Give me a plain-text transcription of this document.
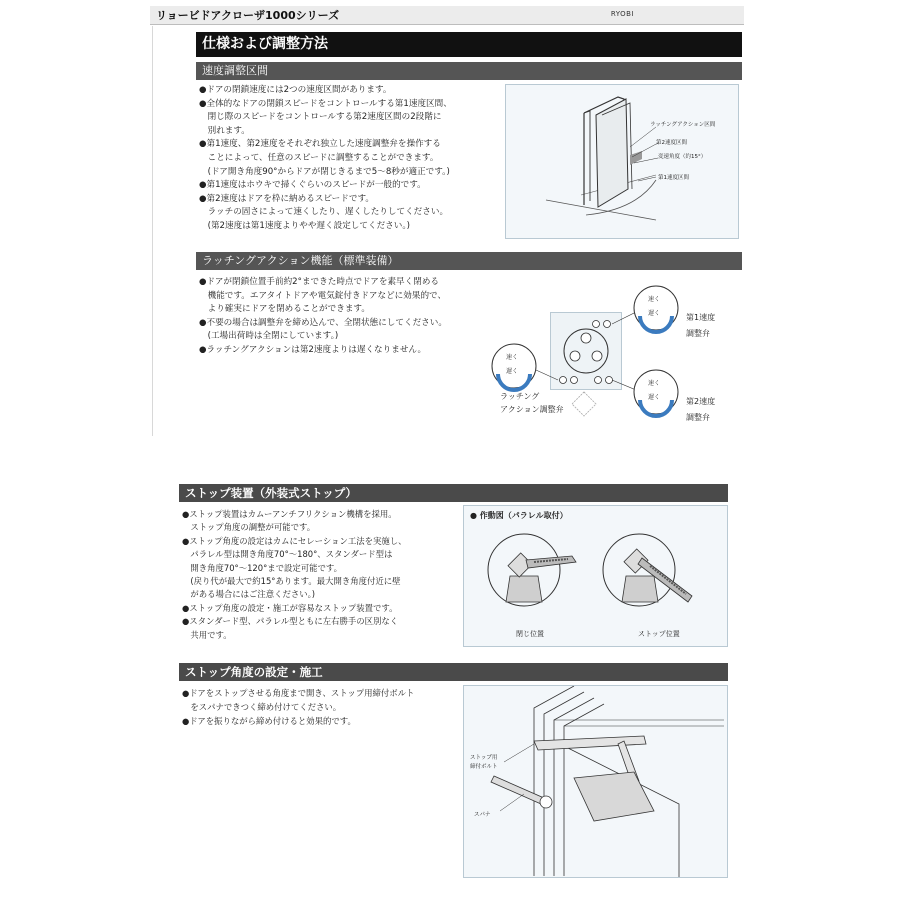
リョービドアクローザ1000シリーズ	RYOBI
仕様および調整方法
速度調整区間

●ドアの閉鎖速度には2つの速度区間があります。

●全体的なドアの閉鎖スピードをコントロールする第1速度区間、

　閉じ際のスピードをコントロールする第2速度区間の2段階に

　別れます。

●第1速度、第2速度をそれぞれ独立した速度調整弁を操作する

　ことによって、任意のスピードに調整することができます。

　(ドア開き角度90°からドアが閉じきるまで5〜8秒が適正です。)

●第1速度はホウキで掃くぐらいのスピードが一般的です。

●第2速度はドアを枠に納めるスピードです。

　ラッチの固さによって速くしたり、遅くしたりしてください。

　(第2速度は第1速度よりやや遅く設定してください。)

ラッチングアクション区間
第2速度区間
変速角度（約15°）
第1速度区間
ラッチングアクション機能（標準装備）

●ドアが閉鎖位置手前約2°まできた時点でドアを素早く閉める

　機能です。エアタイトドアや電気錠付きドアなどに効果的で、

　より確実にドアを閉めることができます。

●不要の場合は調整弁を締め込んで、全閉状態にしてください。

　(工場出荷時は全閉にしています。)

●ラッチングアクションは第2速度よりは遅くなりません。

速く
遅く
速く
遅く
速く
遅く
第1速度
調整弁
第2速度
調整弁
ラッチング
アクション調整弁
ストップ装置（外装式ストップ）

●ストップ装置はカムーアンチフリクション機構を採用。

　ストップ角度の調整が可能です。

●ストップ角度の設定はカムにセレーション工法を実施し、

　パラレル型は開き角度70°〜180°、スタンダード型は

　開き角度70°〜120°まで設定可能です。

　(戻り代が最大で約15°あります。最大開き角度付近に壁

　がある場合にはご注意ください。)

●ストップ角度の設定・施工が容易なストップ装置です。

●スタンダード型、パラレル型ともに左右勝手の区別なく

　共用です。

● 作動図（パラレル取付）
閉じ位置	ストップ位置
ストップ角度の設定・施工

●ドアをストップさせる角度まで開き、ストップ用締付ボルト

　をスパナできつく締め付けてください。

●ドアを振りながら締め付けると効果的です。

ストップ用
締付ボルト
スパナ
